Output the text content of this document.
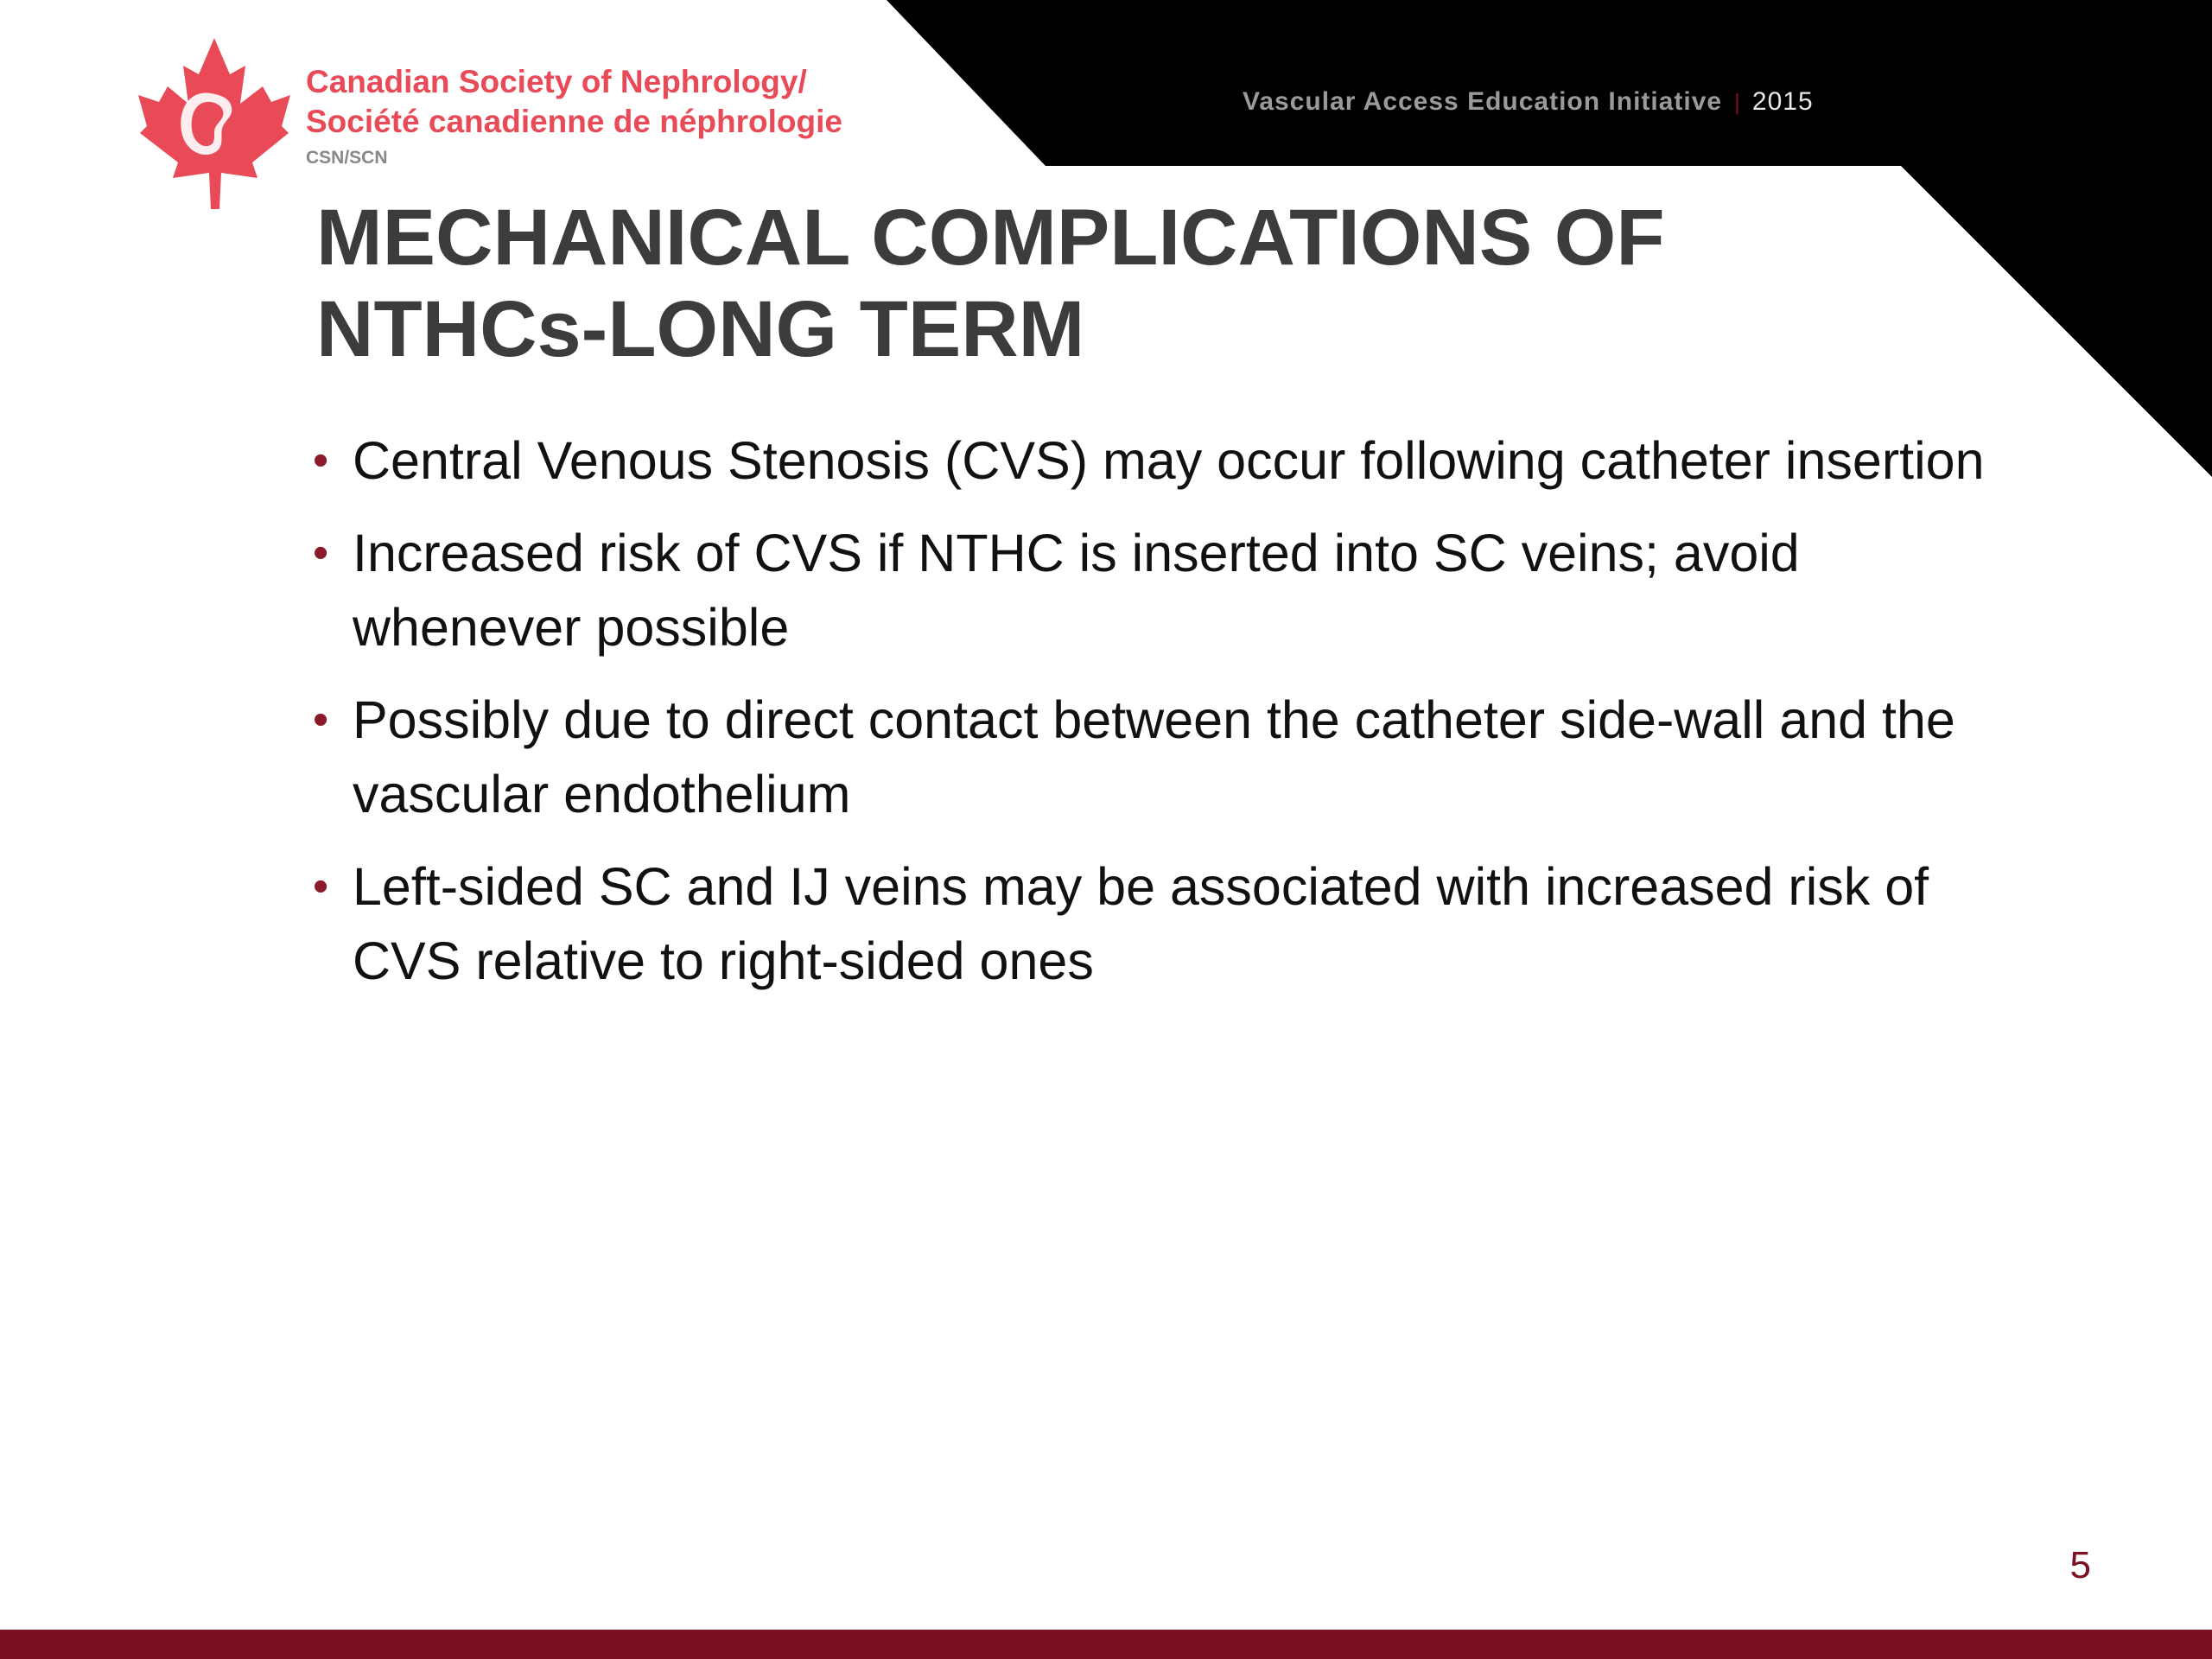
Canadian Society of Nephrology/
Société canadienne de néphrologie
CSN/SCN
Vascular Access Education Initiative | 2015
MECHANICAL COMPLICATIONS OF NTHCs-LONG TERM
• Central Venous Stenosis (CVS) may occur following catheter insertion
• Increased risk of CVS if NTHC is inserted into SC veins; avoid whenever possible
• Possibly due to direct contact between the catheter side-wall and the vascular endothelium
• Left-sided SC and IJ veins may be associated with increased risk of CVS relative to right-sided ones
5
